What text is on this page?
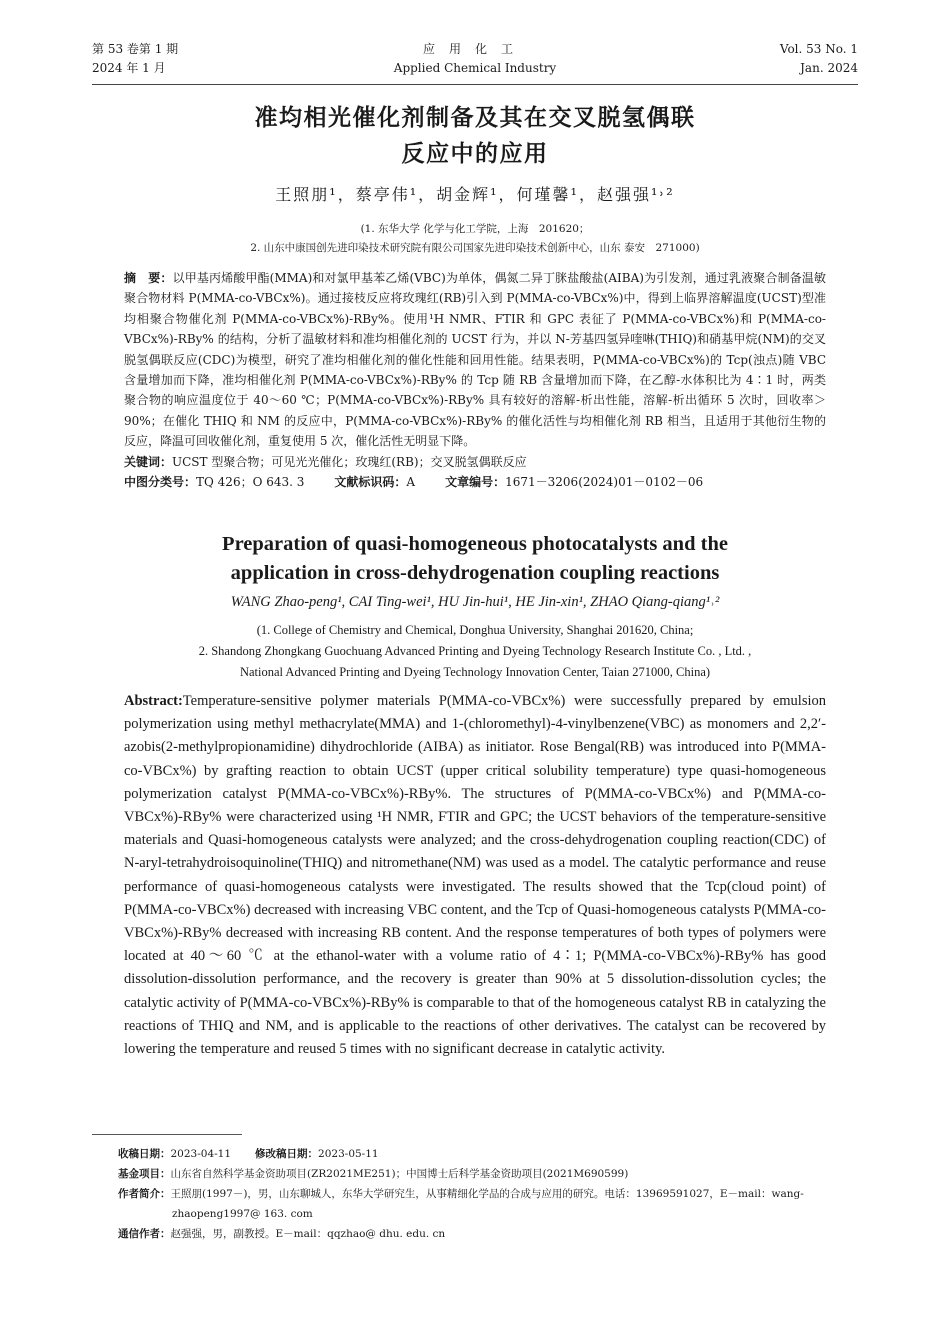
第 53 卷第 1 期
2024 年 1 月
应用化工
Applied Chemical Industry
Vol. 53 No. 1
Jan. 2024
准均相光催化剂制备及其在交叉脱氢偶联
反应中的应用
王照朋¹，蔡亭伟¹，胡金辉¹，何瑾馨¹，赵强强¹˒²
(1. 东华大学 化学与化工学院，上海　201620；
2. 山东中康国创先进印染技术研究院有限公司国家先进印染技术创新中心，山东 泰安　271000)

摘　要：以甲基丙烯酸甲酯(MMA)和对氯甲基苯乙烯(VBC)为单体，偶氮二异丁脒盐酸盐(AIBA)为引发剂，通过乳液聚合制备温敏聚合物材料 P(MMA-co-VBCx%)。通过接枝反应将玫瑰红(RB)引入到 P(MMA-co-VBCx%)中，得到上临界溶解温度(UCST)型准均相聚合物催化剂 P(MMA-co-VBCx%)-RBy%。使用¹H NMR、FTIR 和 GPC 表征了 P(MMA-co-VBCx%)和 P(MMA-co-VBCx%)-RBy% 的结构，分析了温敏材料和准均相催化剂的 UCST 行为，并以 N-芳基四氢异喹啉(THIQ)和硝基甲烷(NM)的交叉脱氢偶联反应(CDC)为模型，研究了准均相催化剂的催化性能和回用性能。结果表明，P(MMA-co-VBCx%)的 Tcp(浊点)随 VBC 含量增加而下降，准均相催化剂 P(MMA-co-VBCx%)-RBy% 的 Tcp 随 RB 含量增加而下降，在乙醇-水体积比为 4∶1 时，两类聚合物的响应温度位于 40～60 ℃；P(MMA-co-VBCx%)-RBy% 具有较好的溶解-析出性能，溶解-析出循环 5 次时，回收率＞90%；在催化 THIQ 和 NM 的反应中，P(MMA-co-VBCx%)-RBy% 的催化活性与均相催化剂 RB 相当，且适用于其他衍生物的反应，降温可回收催化剂，重复使用 5 次，催化活性无明显下降。

关键词：UCST 型聚合物；可见光光催化；玫瑰红(RB)；交叉脱氢偶联反应

中图分类号：TQ 426；O 643. 3	文献标识码：A	文章编号：1671－3206(2024)01－0102－06

Preparation of quasi-homogeneous photocatalysts and the
application in cross-dehydrogenation coupling reactions
WANG Zhao-peng¹, CAI Ting-wei¹, HU Jin-hui¹, HE Jin-xin¹, ZHAO Qiang-qiang¹˒²
(1. College of Chemistry and Chemical, Donghua University, Shanghai 201620, China;
2. Shandong Zhongkang Guochuang Advanced Printing and Dyeing Technology Research Institute Co. , Ltd. ,
National Advanced Printing and Dyeing Technology Innovation Center, Taian 271000, China)
Abstract:Temperature-sensitive polymer materials P(MMA-co-VBCx%) were successfully prepared by emulsion polymerization using methyl methacrylate(MMA) and 1-(chloromethyl)-4-vinylbenzene(VBC) as monomers and 2,2′-azobis(2-methylpropionamidine) dihydrochloride (AIBA) as initiator. Rose Bengal(RB) was introduced into P(MMA-co-VBCx%) by grafting reaction to obtain UCST (upper critical solubility temperature) type quasi-homogeneous polymerization catalyst P(MMA-co-VBCx%)-RBy%. The structures of P(MMA-co-VBCx%) and P(MMA-co-VBCx%)-RBy% were characterized using ¹H NMR, FTIR and GPC; the UCST behaviors of the temperature-sensitive materials and Quasi-homogeneous catalysts were analyzed; and the cross-dehydrogenation coupling reaction(CDC) of N-aryl-tetrahydroisoquinoline(THIQ) and nitromethane(NM) was used as a model. The catalytic performance and reuse performance of quasi-homogeneous catalysts were investigated. The results showed that the Tcp(cloud point) of P(MMA-co-VBCx%) decreased with increasing VBC content, and the Tcp of Quasi-homogeneous catalysts P(MMA-co-VBCx%)-RBy% decreased with increasing RB content. And the response temperatures of both types of polymers were located at 40～60 ℃ at the ethanol-water with a volume ratio of 4∶1; P(MMA-co-VBCx%)-RBy% has good dissolution-dissolution performance, and the recovery is greater than 90% at 5 dissolution-dissolution cycles; the catalytic activity of P(MMA-co-VBCx%)-RBy% is comparable to that of the homogeneous catalyst RB in catalyzing the reactions of THIQ and NM, and is applicable to the reactions of other derivatives. The catalyst can be recovered by lowering the temperature and reused 5 times with no significant decrease in catalytic activity.

收稿日期：2023-04-11 修改稿日期：2023-05-11

基金项目：山东省自然科学基金资助项目(ZR2021ME251)；中国博士后科学基金资助项目(2021M690599)

作者简介：王照朋(1997－)，男，山东聊城人，东华大学研究生，从事精细化学品的合成与应用的研究。电话：13969591027，E－mail：wang-

zhaopeng1997@ 163. com

通信作者：赵强强，男，副教授。E－mail：qqzhao@ dhu. edu. cn
